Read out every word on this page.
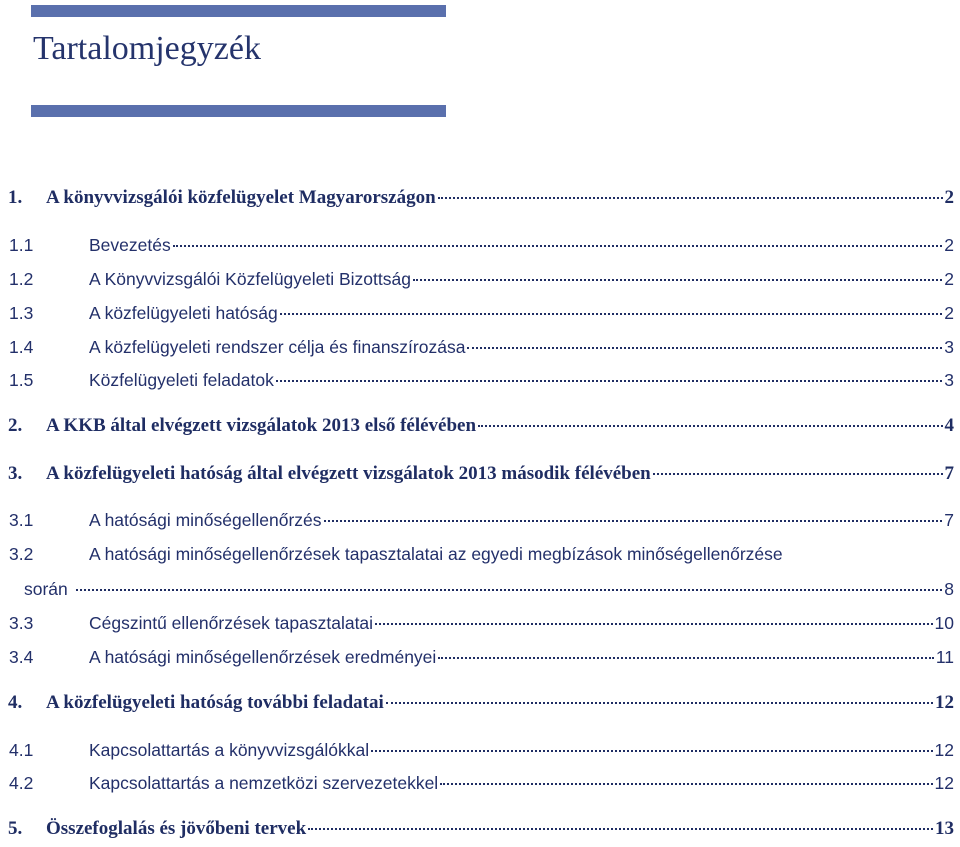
Tartalomjegyzék
1.	A könyvvizsgálói közfelügyelet Magyarországon	2
1.1	Bevezetés	2
1.2	A Könyvvizsgálói Közfelügyeleti Bizottság	2
1.3	A közfelügyeleti hatóság	2
1.4	A közfelügyeleti rendszer célja és finanszírozása	3
1.5	Közfelügyeleti feladatok	3
2.	A KKB által elvégzett vizsgálatok 2013 első félévében	4
3.	A közfelügyeleti hatóság által elvégzett vizsgálatok 2013 második félévében	7
3.1	A hatósági minőségellenőrzés	7
3.2	A hatósági minőségellenőrzések tapasztalatai az egyedi megbízások minőségellenőrzése
során	8
3.3	Cégszintű ellenőrzések tapasztalatai	10
3.4	A hatósági minőségellenőrzések eredményei	11
4.	A közfelügyeleti hatóság további feladatai	12
4.1	Kapcsolattartás a könyvvizsgálókkal	12
4.2	Kapcsolattartás a nemzetközi szervezetekkel	12
5.	Összefoglalás és jövőbeni tervek	13
